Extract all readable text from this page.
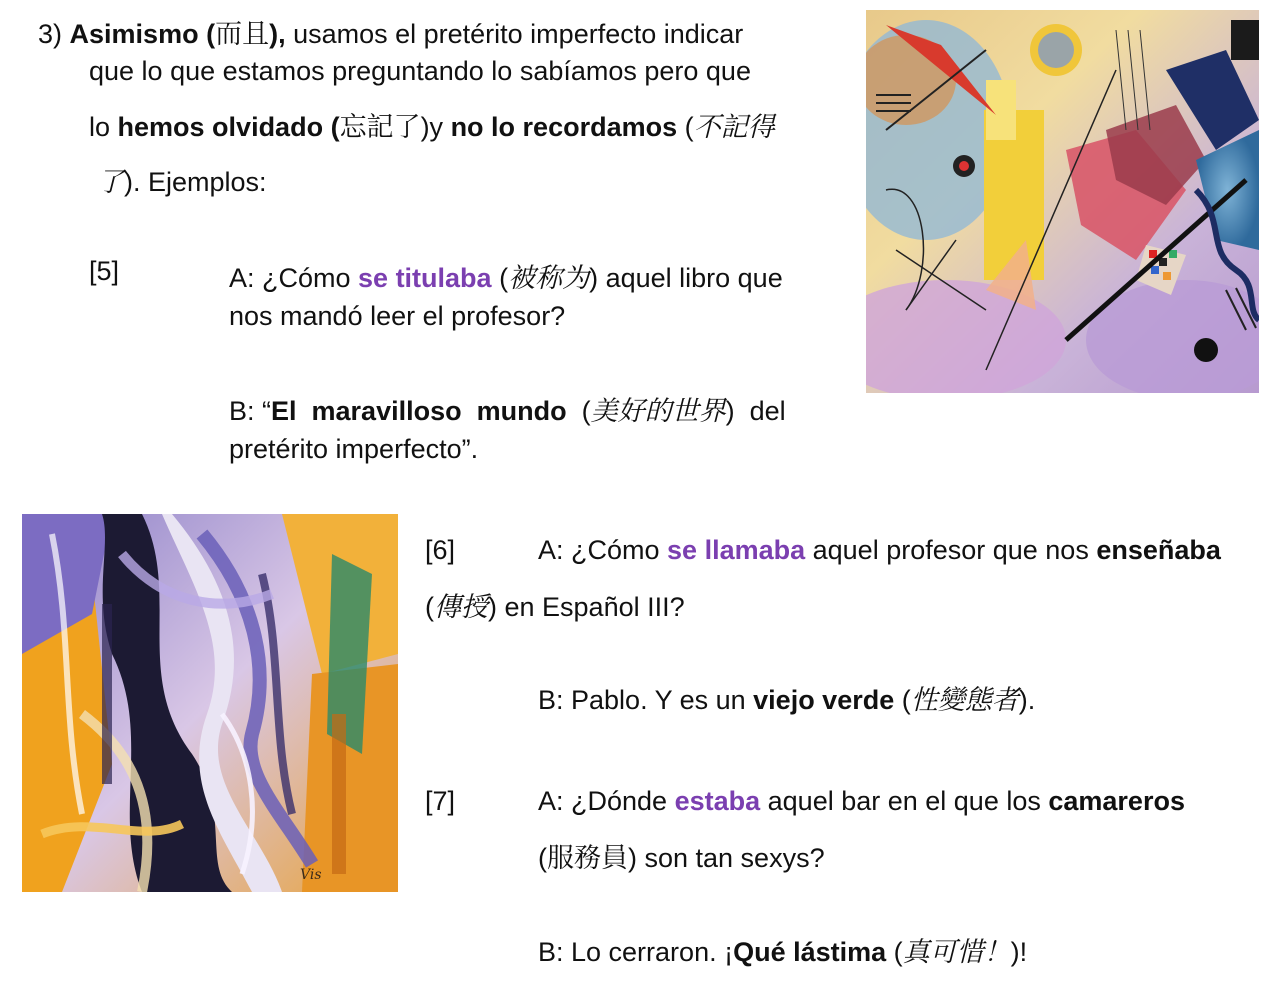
3) Asimismo (而且), usamos el pretérito imperfecto indicar
que lo que estamos preguntando lo sabíamos pero que
lo hemos olvidado (忘記了)y no lo recordamos (不記得
了). Ejemplos:
[5]	A: ¿Cómo se titulaba (被称为) aquel libro que
nos mandó leer el profesor?
B: “El  maravilloso  mundo  (美好的世界)  del
pretérito imperfecto”.
[6]	A: ¿Cómo se llamaba aquel profesor que nos enseñaba
(傳授) en Español III?
B: Pablo. Y es un viejo verde (性變態者).
[7]	A: ¿Dónde estaba aquel bar en el que los camareros
(服務員) son tan sexys?
B: Lo cerraron. ¡Qué lástima (真可惜！)!
Vis
